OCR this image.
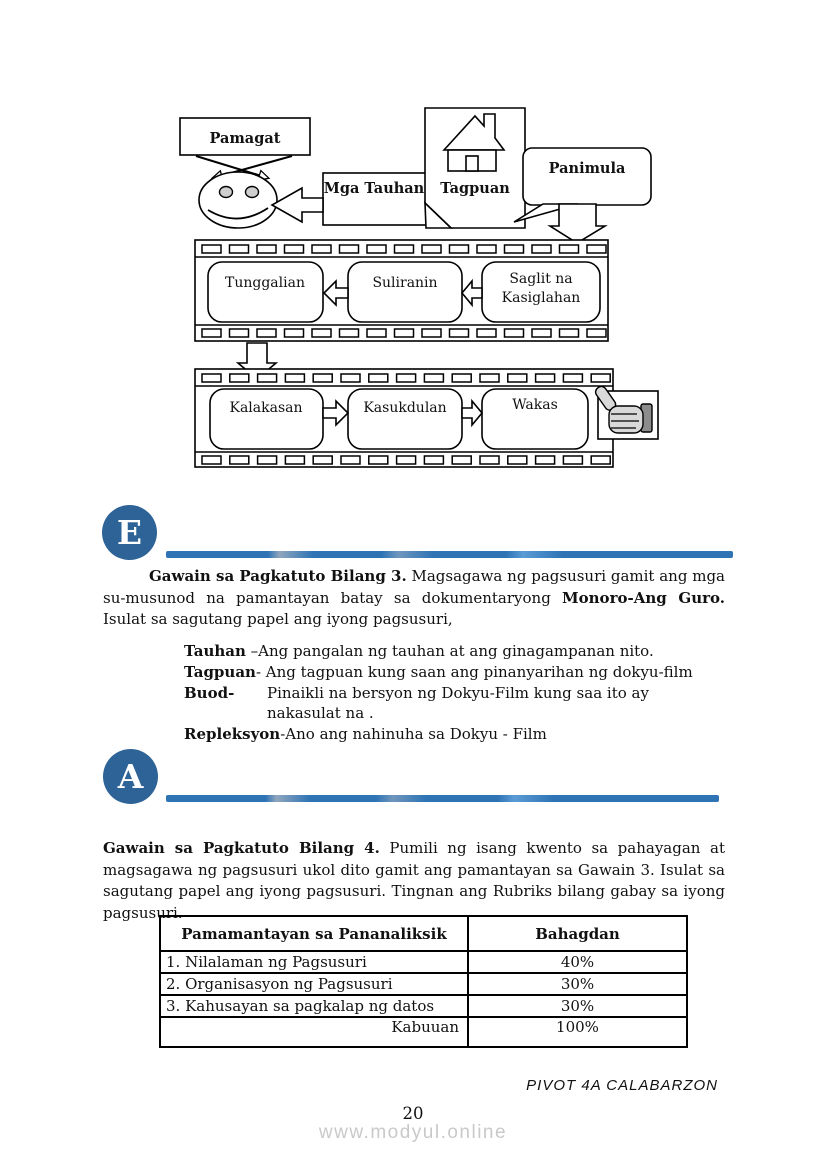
Pamagat
Tagpuan
Mga Tauhan
Panimula
Tunggalian	Suliranin	Saglit na
Kasiglahan
Kalakasan	Kasukdulan	Wakas
E
Gawain sa Pagkatuto Bilang 3. Magsagawa ng pagsusuri gamit ang mga su-musunod na pamantayan batay sa dokumentaryong Monoro-Ang Guro. Isulat sa sagutang papel ang iyong pagsusuri,
Tauhan –Ang pangalan ng tauhan at ang ginagampanan nito.
Tagpuan- Ang tagpuan kung saan ang pinanyarihan ng dokyu-film
Buod-	Pinaikli na bersyon ng Dokyu-Film kung saa ito ay
nakasulat na .
Repleksyon-Ano ang nahinuha sa Dokyu - Film
A
Gawain sa Pagkatuto Bilang 4. Pumili ng isang kwento sa pahayagan at magsagawa ng pagsusuri ukol dito gamit ang pamantayan sa Gawain 3. Isulat sa sagutang papel ang iyong pagsusuri. Tingnan ang Rubriks bilang gabay sa iyong pagsusuri.
Pamamantayan sa Pananaliksik	Bahagdan
1. Nilalaman ng Pagsusuri	40%
2. Organisasyon ng Pagsusuri	30%
3. Kahusayan sa pagkalap ng datos	30%
Kabuuan	100%
PIVOT 4A CALABARZON
20
www.modyul.online
